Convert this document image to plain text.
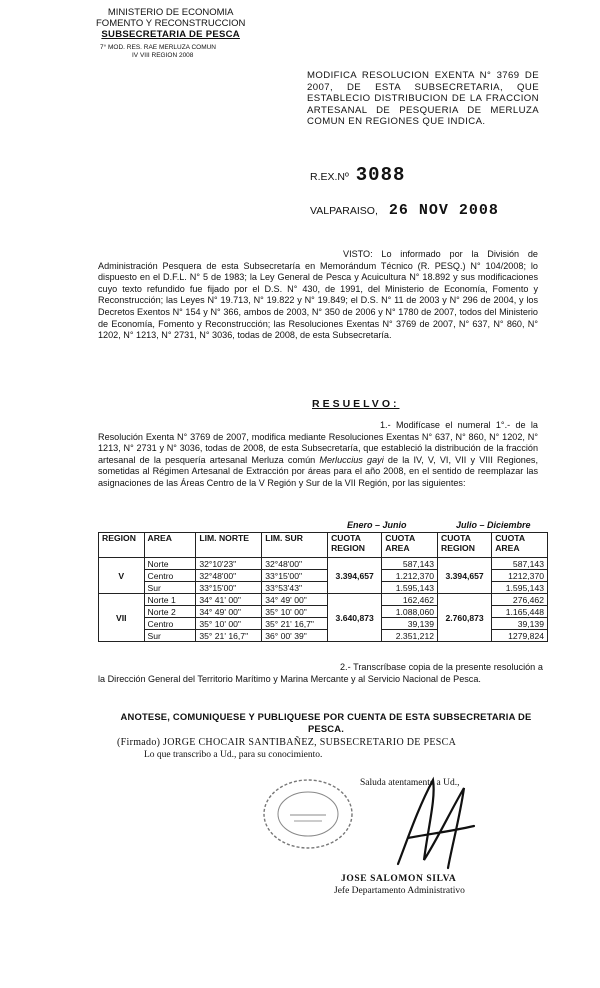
MINISTERIO DE ECONOMIA
FOMENTO Y RECONSTRUCCION
SUBSECRETARIA DE PESCA
7° MOD. RES. RAE MERLUZA COMUN
IV VIII REGION 2008
MODIFICA RESOLUCION EXENTA N° 3769 DE 2007, DE ESTA SUBSECRETARIA, QUE ESTABLECIO DISTRIBUCION DE LA FRACCION ARTESANAL DE PESQUERIA DE MERLUZA COMUN EN REGIONES QUE INDICA.
R.EX.Nº 3088
VALPARAISO, 26 NOV 2008
VISTO: Lo informado por la División de Administración Pesquera de esta Subsecretaría en Memorándum Técnico (R. PESQ.) N° 104/2008; lo dispuesto en el D.F.L. N° 5 de 1983; la Ley General de Pesca y Acuicultura N° 18.892 y sus modificaciones cuyo texto refundido fue fijado por el D.S. N° 430, de 1991, del Ministerio de Economía, Fomento y Reconstrucción; las Leyes N° 19.713, N° 19.822 y N° 19.849; el D.S. N° 11 de 2003 y N° 296 de 2004, y los Decretos Exentos N° 154 y N° 366, ambos de 2003, N° 350 de 2006 y N° 1780 de 2007, todos del Ministerio de Economía, Fomento y Reconstrucción; las Resoluciones Exentas N° 3769 de 2007, N° 637, N° 860, N° 1202, N° 1213, N° 2731, N° 3036, todas de 2008, de esta Subsecretaría.
RESUELVO:
1.- Modifícase el numeral 1°.- de la Resolución Exenta N° 3769 de 2007, modifica mediante Resoluciones Exentas N° 637, N° 860, N° 1202, N° 1213, N° 2731 y N° 3036, todas de 2008, de esta Subsecretaría, que estableció la distribución de la fracción artesanal de la pesquería artesanal Merluza común Merluccius gayi de la IV, V, VI, VII y VIII Regiones, sometidas al Régimen Artesanal de Extracción por áreas para el año 2008, en el sentido de reemplazar las asignaciones de las Áreas Centro de la V Región y Sur de la VII Región, por las siguientes:
Enero – Junio	Julio – Diciembre
REGION	AREA	LIM. NORTE	LIM. SUR	CUOTA REGION	CUOTA AREA	CUOTA REGION	CUOTA AREA
V	Norte	32°10'23"	32°48'00"	3.394,657	587,143	3.394,657	587,143
	Centro	32°48'00"	33°15'00"		1.212,370		1212,370
	Sur	33°15'00"	33°53'43"		1.595,143		1.595,143
VII	Norte 1	34° 41' 00"	34° 49' 00"	3.640,873	162,462	2.760,873	276,462
	Norte 2	34° 49' 00"	35° 10' 00"		1.088,060		1.165,448
	Centro	35° 10' 00"	35° 21' 16,7"		39,139		39,139
	Sur	35° 21' 16,7"	36° 00' 39"		2.351,212		1279,824
2.- Transcríbase copia de la presente resolución a la Dirección General del Territorio Marítimo y Marina Mercante y al Servicio Nacional de Pesca.
ANOTESE, COMUNIQUESE Y PUBLIQUESE POR CUENTA DE ESTA SUBSECRETARIA DE PESCA.
(Firmado) JORGE CHOCAIR SANTIBAÑEZ, SUBSECRETARIO DE PESCA
Lo que transcribo a Ud., para su conocimiento.
Saluda atentamente a Ud.,
JOSE SALOMON SILVA
Jefe Departamento Administrativo
